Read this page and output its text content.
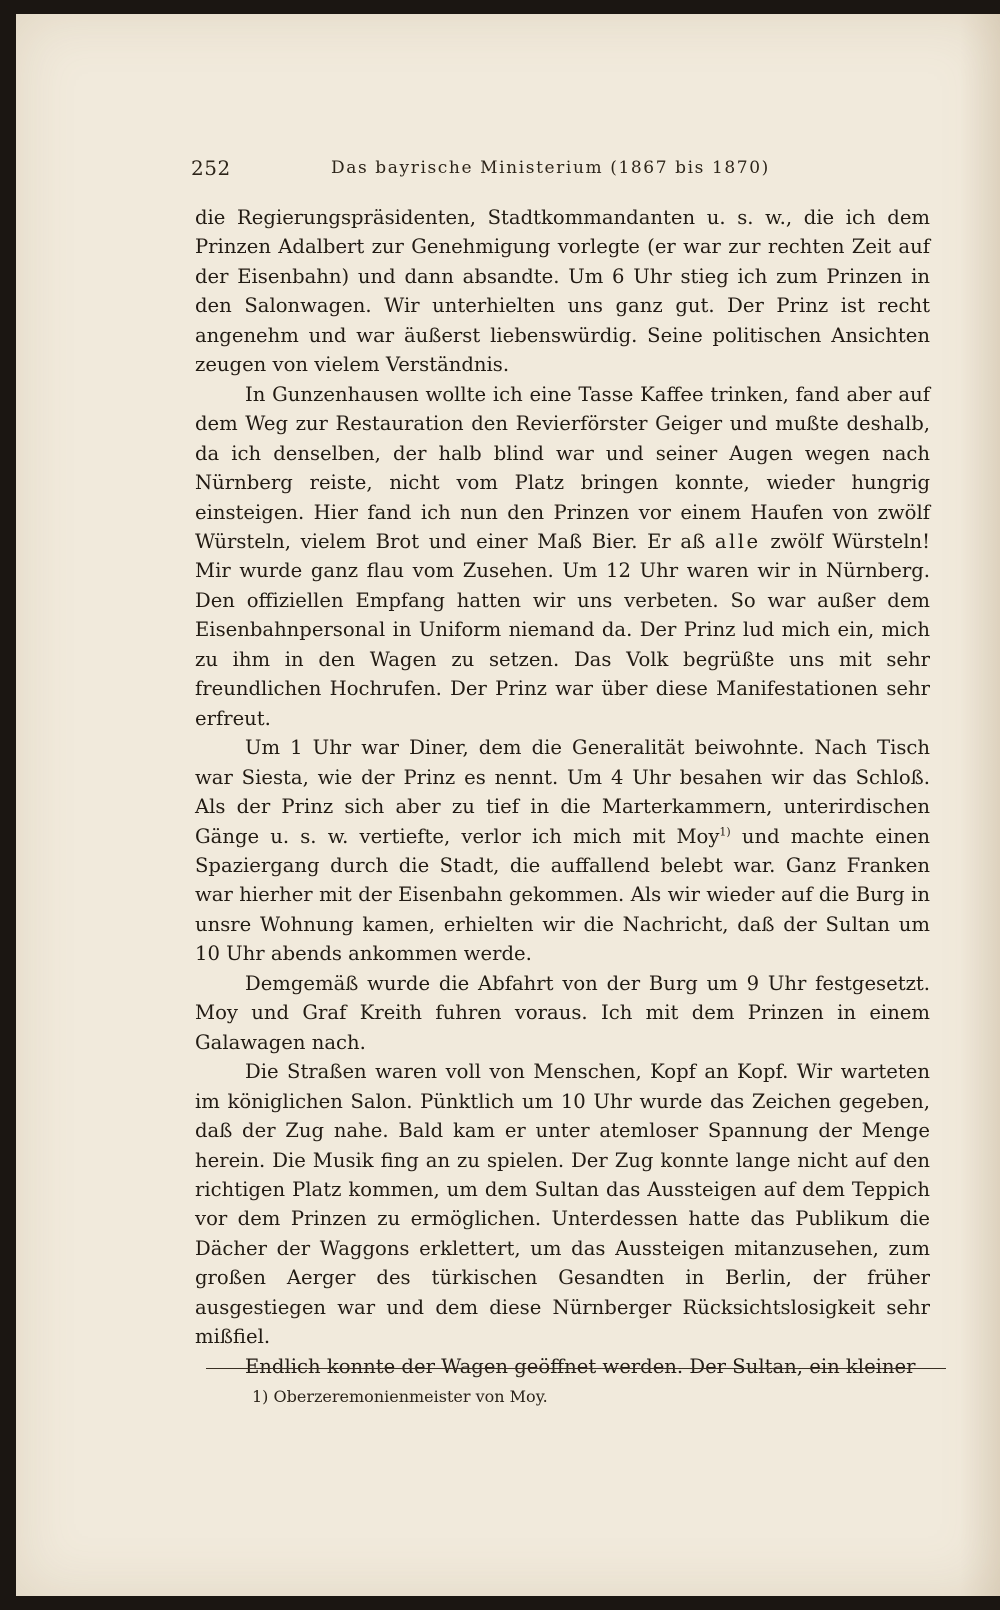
252	Das bayrische Ministerium (1867 bis 1870)

die Regierungspräsidenten, Stadtkommandanten u. s. w., die ich dem Prinzen Adalbert zur Genehmigung vorlegte (er war zur rechten Zeit auf der Eisenbahn) und dann absandte. Um 6 Uhr stieg ich zum Prinzen in den Salonwagen. Wir unterhielten uns ganz gut. Der Prinz ist recht angenehm und war äußerst liebenswürdig. Seine politischen Ansichten zeugen von vielem Verständnis.

In Gunzenhausen wollte ich eine Tasse Kaffee trinken, fand aber auf dem Weg zur Restauration den Revierförster Geiger und mußte deshalb, da ich denselben, der halb blind war und seiner Augen wegen nach Nürnberg reiste, nicht vom Platz bringen konnte, wieder hungrig einsteigen. Hier fand ich nun den Prinzen vor einem Haufen von zwölf Würsteln, vielem Brot und einer Maß Bier. Er aß alle zwölf Würsteln! Mir wurde ganz flau vom Zusehen. Um 12 Uhr waren wir in Nürnberg. Den offiziellen Empfang hatten wir uns verbeten. So war außer dem Eisenbahnpersonal in Uniform niemand da. Der Prinz lud mich ein, mich zu ihm in den Wagen zu setzen. Das Volk begrüßte uns mit sehr freundlichen Hochrufen. Der Prinz war über diese Manifestationen sehr erfreut.

Um 1 Uhr war Diner, dem die Generalität beiwohnte. Nach Tisch war Siesta, wie der Prinz es nennt. Um 4 Uhr besahen wir das Schloß. Als der Prinz sich aber zu tief in die Marterkammern, unterirdischen Gänge u. s. w. vertiefte, verlor ich mich mit Moy$^{1)}$ und machte einen Spaziergang durch die Stadt, die auffallend belebt war. Ganz Franken war hierher mit der Eisenbahn gekommen. Als wir wieder auf die Burg in unsre Wohnung kamen, erhielten wir die Nachricht, daß der Sultan um 10 Uhr abends ankommen werde.

Demgemäß wurde die Abfahrt von der Burg um 9 Uhr festgesetzt. Moy und Graf Kreith fuhren voraus. Ich mit dem Prinzen in einem Galawagen nach.

Die Straßen waren voll von Menschen, Kopf an Kopf. Wir warteten im königlichen Salon. Pünktlich um 10 Uhr wurde das Zeichen gegeben, daß der Zug nahe. Bald kam er unter atemloser Spannung der Menge herein. Die Musik fing an zu spielen. Der Zug konnte lange nicht auf den richtigen Platz kommen, um dem Sultan das Aussteigen auf dem Teppich vor dem Prinzen zu ermöglichen. Unterdessen hatte das Publikum die Dächer der Waggons erklettert, um das Aussteigen mitanzusehen, zum großen Aerger des türkischen Gesandten in Berlin, der früher ausgestiegen war und dem diese Nürnberger Rücksichtslosigkeit sehr mißfiel.

Endlich konnte der Wagen geöffnet werden. Der Sultan, ein kleiner

1) Oberzeremonienmeister von Moy.
